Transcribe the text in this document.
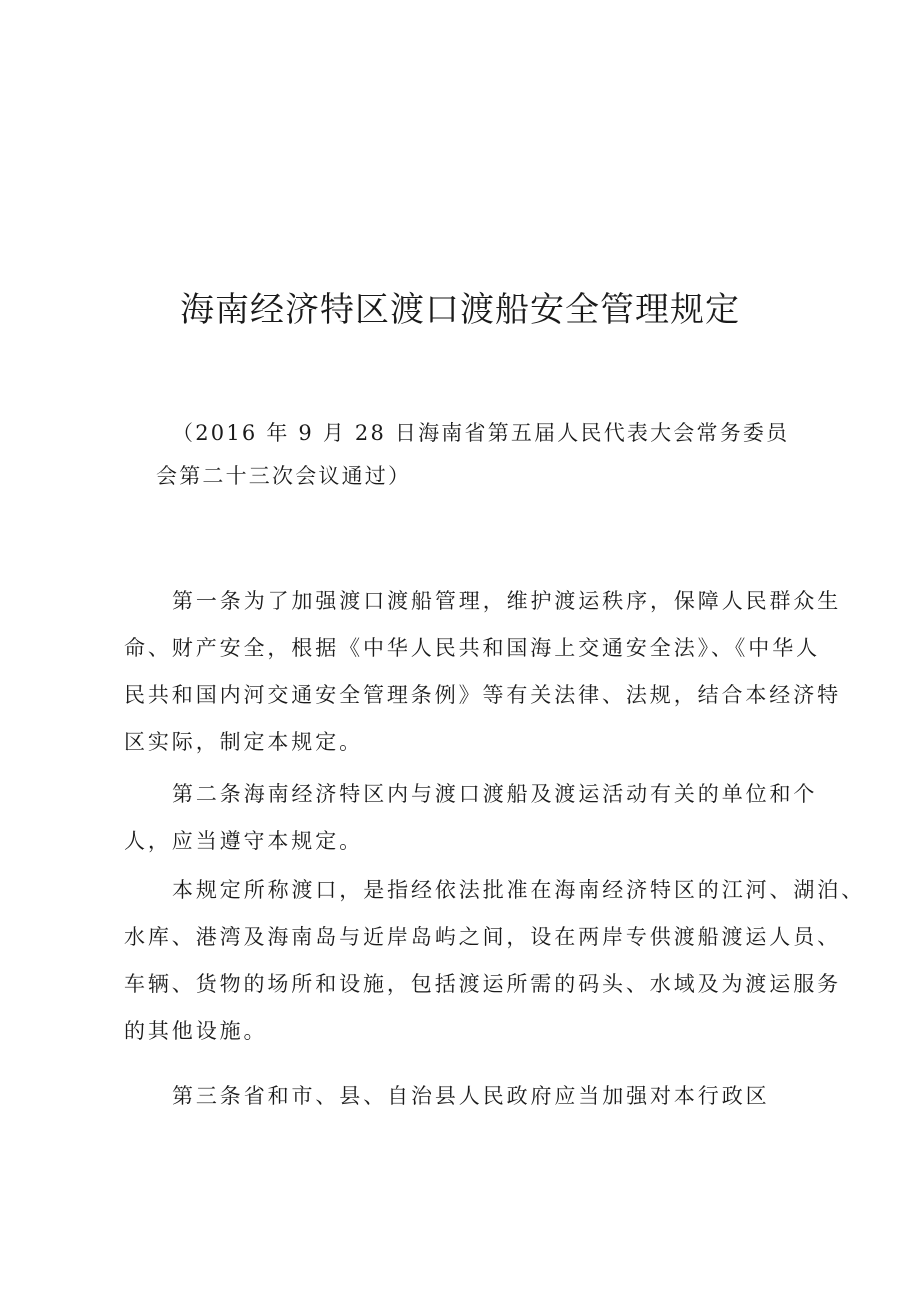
海南经济特区渡口渡船安全管理规定
（2016 年 9 月 28 日海南省第五届人民代表大会常务委员
会第二十三次会议通过）
第一条为了加强渡口渡船管理，维护渡运秩序，保障人民群众生
命、财产安全，根据《中华人民共和国海上交通安全法》、《中华人
民共和国内河交通安全管理条例》等有关法律、法规，结合本经济特
区实际，制定本规定。
第二条海南经济特区内与渡口渡船及渡运活动有关的单位和个
人，应当遵守本规定。
本规定所称渡口，是指经依法批准在海南经济特区的江河、湖泊、
水库、港湾及海南岛与近岸岛屿之间，设在两岸专供渡船渡运人员、
车辆、货物的场所和设施，包括渡运所需的码头、水域及为渡运服务
的其他设施。
第三条省和市、县、自治县人民政府应当加强对本行政区
